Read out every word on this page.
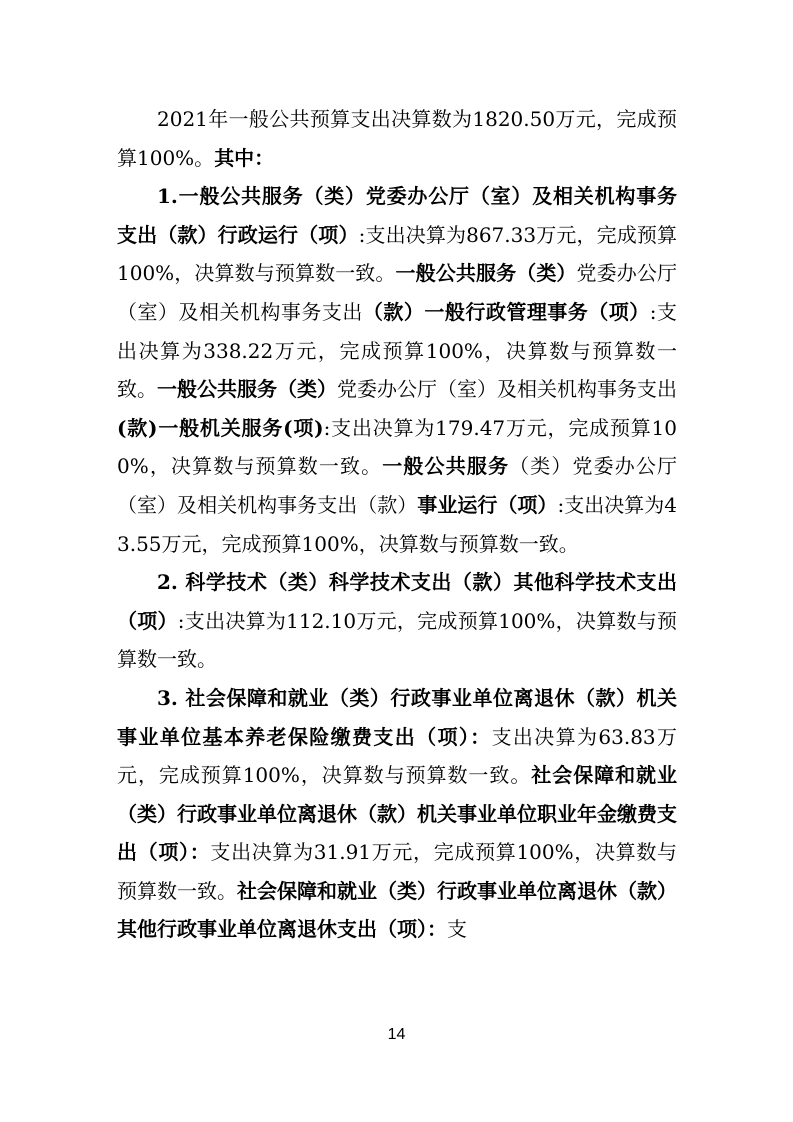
2021年一般公共预算支出决算数为1820.50万元，完成预算100%。其中：

1.一般公共服务（类）党委办公厅（室）及相关机构事务支出（款）行政运行（项）:支出决算为867.33万元，完成预算100%，决算数与预算数一致。一般公共服务（类）党委办公厅（室）及相关机构事务支出（款）一般行政管理事务（项）:支出决算为338.22万元，完成预算100%，决算数与预算数一致。一般公共服务（类）党委办公厅（室）及相关机构事务支出(款)一般机关服务(项):支出决算为179.47万元，完成预算100%，决算数与预算数一致。一般公共服务（类）党委办公厅（室）及相关机构事务支出（款）事业运行（项）:支出决算为43.55万元，完成预算100%，决算数与预算数一致。

2. 科学技术（类）科学技术支出（款）其他科学技术支出（项）:支出决算为112.10万元，完成预算100%，决算数与预算数一致。

3. 社会保障和就业（类）行政事业单位离退休（款）机关事业单位基本养老保险缴费支出（项）：支出决算为63.83万元，完成预算100%，决算数与预算数一致。社会保障和就业（类）行政事业单位离退休（款）机关事业单位职业年金缴费支出（项）：支出决算为31.91万元，完成预算100%，决算数与预算数一致。社会保障和就业（类）行政事业单位离退休（款）其他行政事业单位离退休支出（项）：支

14
